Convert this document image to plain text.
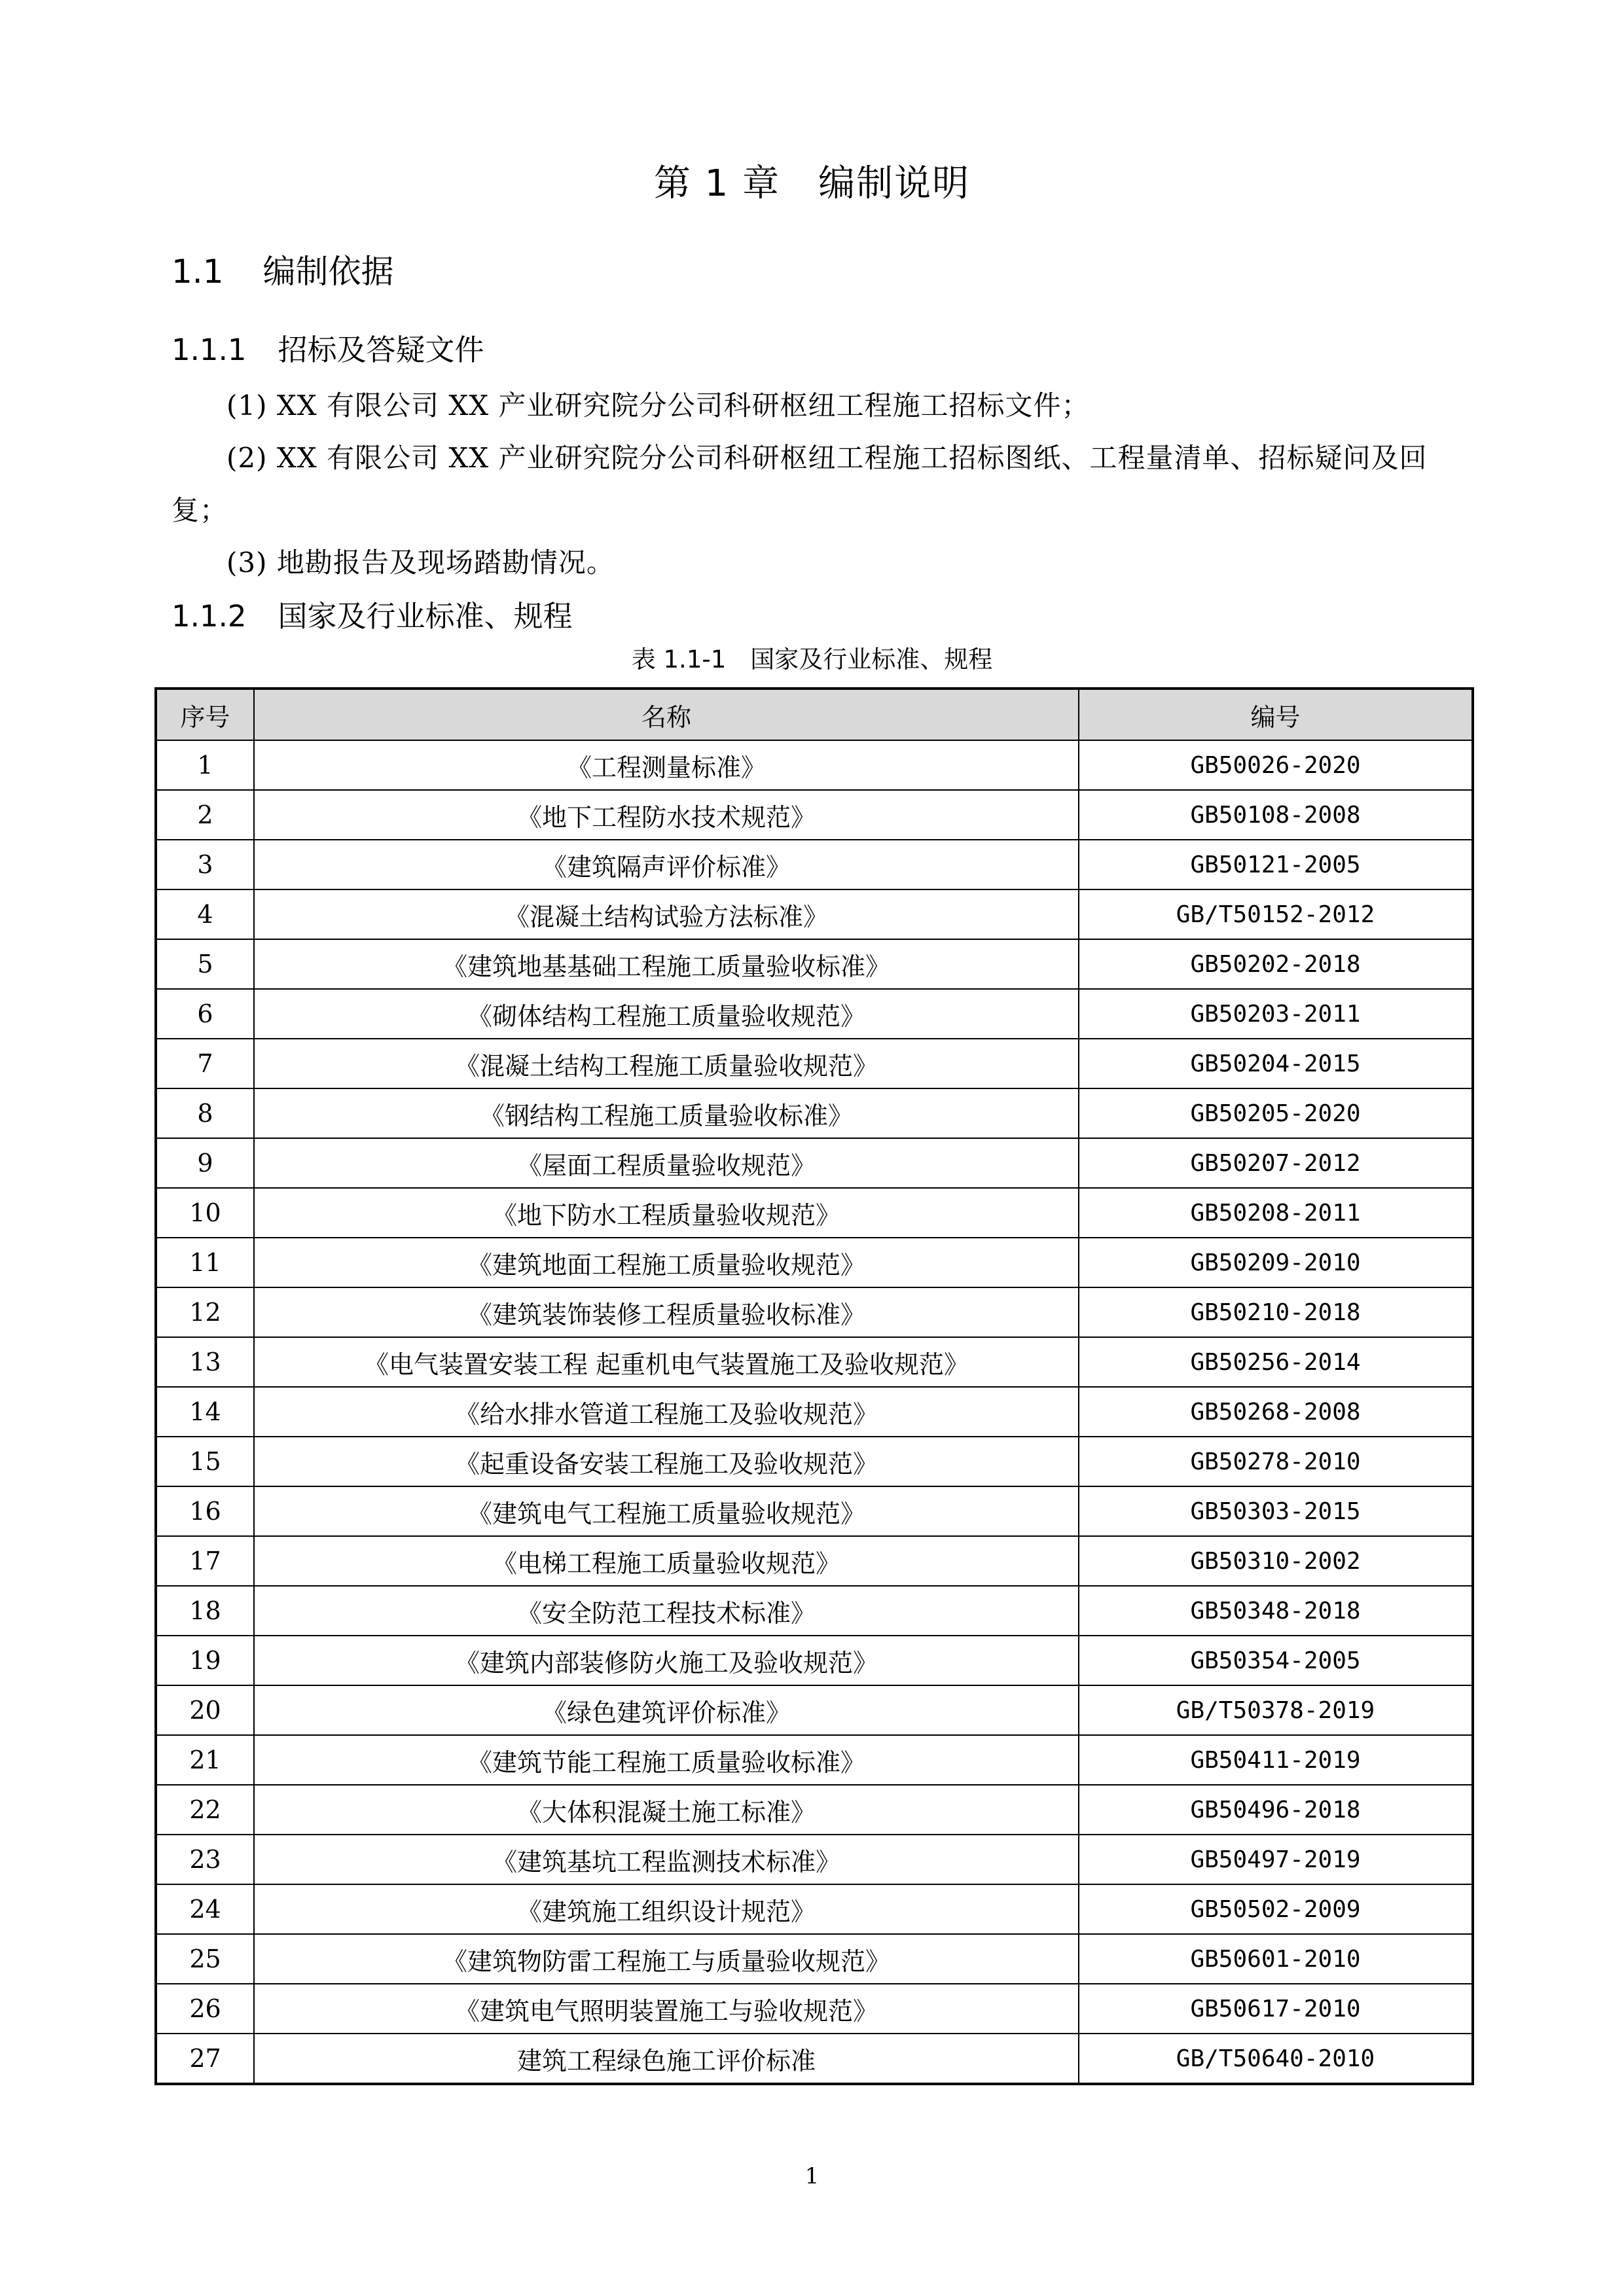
第 1 章　编制说明
1.1 编制依据
1.1.1 招标及答疑文件
(1) XX 有限公司 XX 产业研究院分公司科研枢纽工程施工招标文件；
(2) XX 有限公司 XX 产业研究院分公司科研枢纽工程施工招标图纸、工程量清单、招标疑问及回复；
(3) 地勘报告及现场踏勘情况。
1.1.2 国家及行业标准、规程
表 1.1-1　国家及行业标准、规程
序号	名称	编号
1	《工程测量标准》	GB50026-2020
2	《地下工程防水技术规范》	GB50108-2008
3	《建筑隔声评价标准》	GB50121-2005
4	《混凝土结构试验方法标准》	GB/T50152-2012
5	《建筑地基基础工程施工质量验收标准》	GB50202-2018
6	《砌体结构工程施工质量验收规范》	GB50203-2011
7	《混凝土结构工程施工质量验收规范》	GB50204-2015
8	《钢结构工程施工质量验收标准》	GB50205-2020
9	《屋面工程质量验收规范》	GB50207-2012
10	《地下防水工程质量验收规范》	GB50208-2011
11	《建筑地面工程施工质量验收规范》	GB50209-2010
12	《建筑装饰装修工程质量验收标准》	GB50210-2018
13	《电气装置安装工程 起重机电气装置施工及验收规范》	GB50256-2014
14	《给水排水管道工程施工及验收规范》	GB50268-2008
15	《起重设备安装工程施工及验收规范》	GB50278-2010
16	《建筑电气工程施工质量验收规范》	GB50303-2015
17	《电梯工程施工质量验收规范》	GB50310-2002
18	《安全防范工程技术标准》	GB50348-2018
19	《建筑内部装修防火施工及验收规范》	GB50354-2005
20	《绿色建筑评价标准》	GB/T50378-2019
21	《建筑节能工程施工质量验收标准》	GB50411-2019
22	《大体积混凝土施工标准》	GB50496-2018
23	《建筑基坑工程监测技术标准》	GB50497-2019
24	《建筑施工组织设计规范》	GB50502-2009
25	《建筑物防雷工程施工与质量验收规范》	GB50601-2010
26	《建筑电气照明装置施工与验收规范》	GB50617-2010
27	建筑工程绿色施工评价标准	GB/T50640-2010
1
